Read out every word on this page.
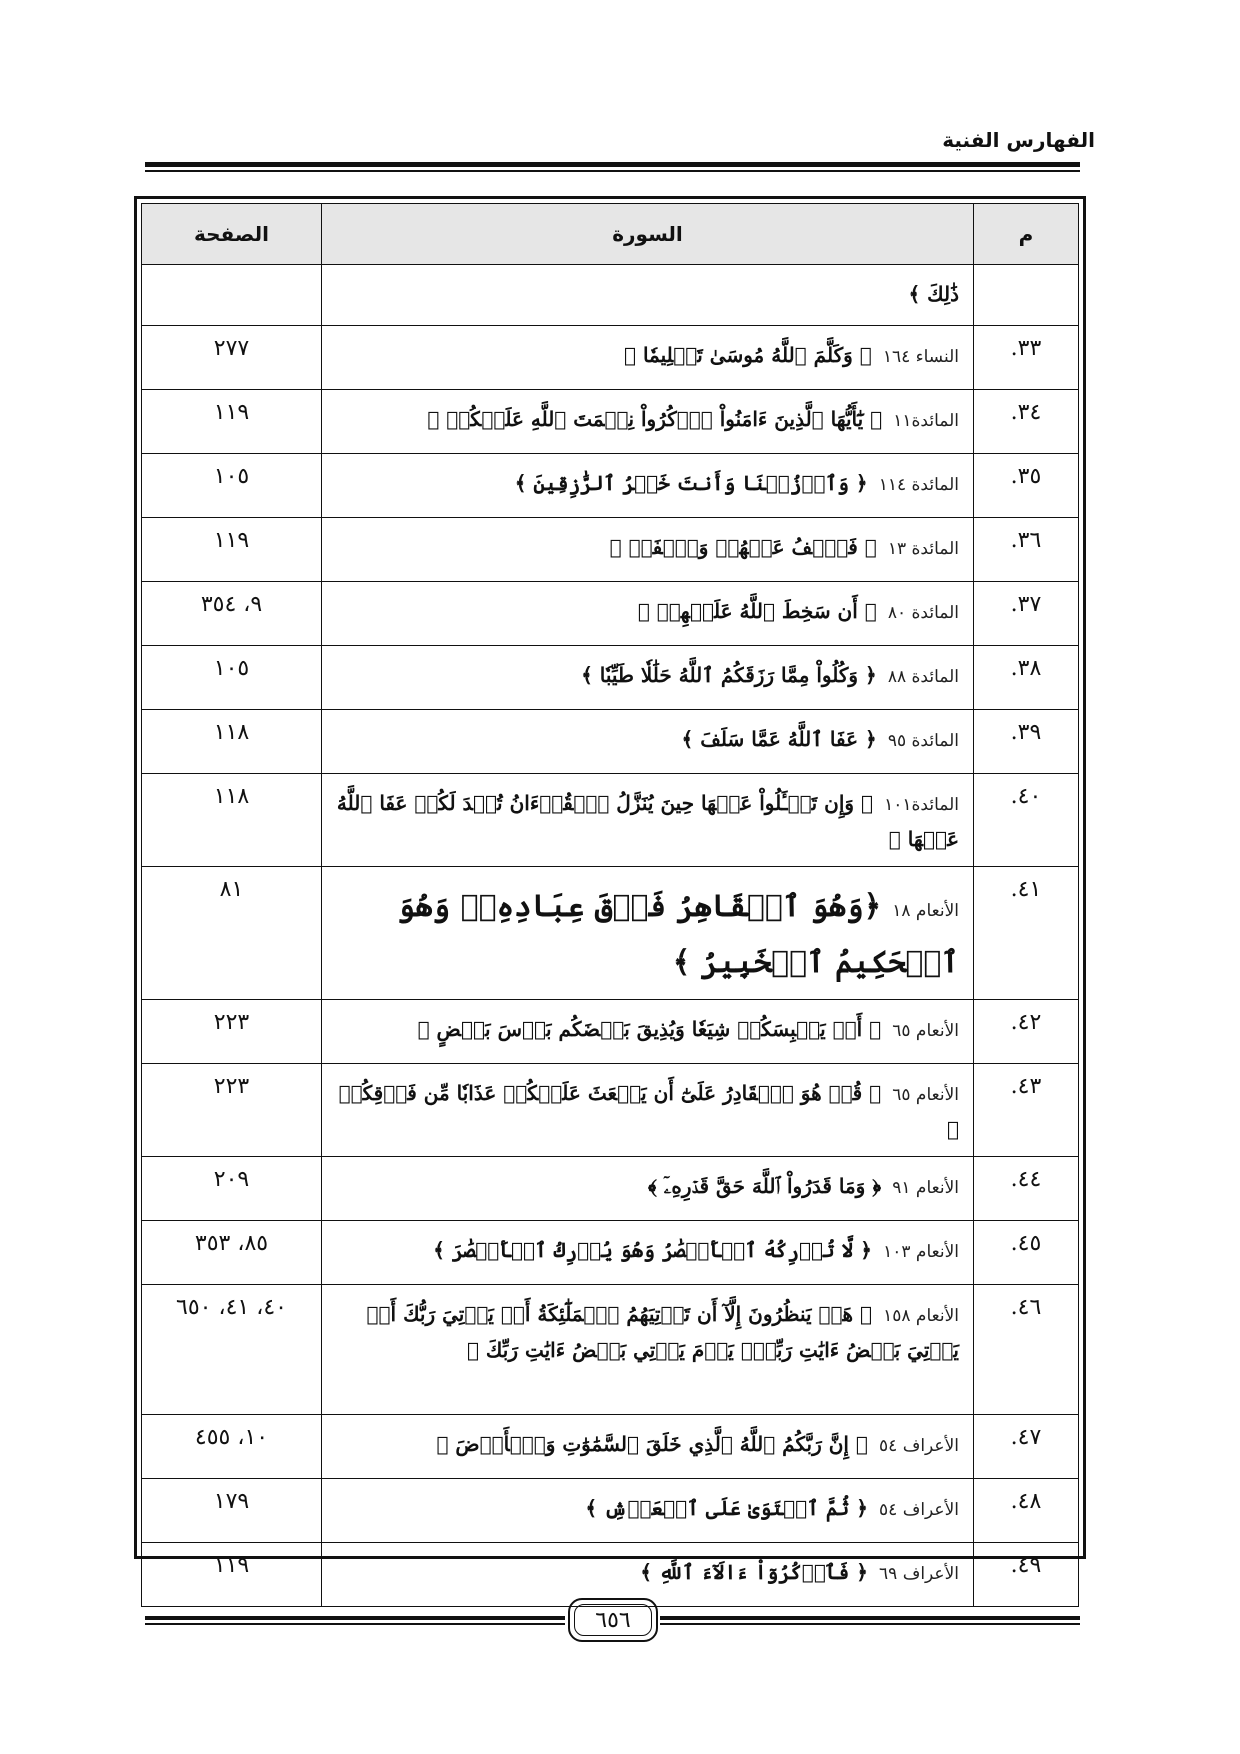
الفهارس الفنية
م	السورة	الصفحة
	ذَٰلِكَ ﴾	
٣٣.	النساء ١٦٤ ﴿ وَكَلَّمَ ٱللَّهُ مُوسَىٰ تَكۡلِيمٗا ﴾	٢٧٧
٣٤.	المائدة١١ ﴿ يَٰٓأَيُّهَا ٱلَّذِينَ ءَامَنُواْ ٱذۡكُرُواْ نِعۡمَتَ ٱللَّهِ عَلَيۡكُمۡ ﴾	١١٩
٣٥.	المائدة ١١٤ ﴿ وَٱرۡزُقۡنَا وَأَنتَ خَيۡرُ ٱلرَّٰزِقِينَ ﴾	١٠٥
٣٦.	المائدة ١٣ ﴿ فَٱعۡفُ عَنۡهُمۡ وَٱصۡفَحۡ ﴾	١١٩
٣٧.	المائدة ٨٠ ﴿ أَن سَخِطَ ٱللَّهُ عَلَيۡهِمۡ ﴾	٩، ٣٥٤
٣٨.	المائدة ٨٨ ﴿ وَكُلُواْ مِمَّا رَزَقَكُمُ ٱللَّهُ حَلَٰلٗا طَيِّبٗا ﴾	١٠٥
٣٩.	المائدة ٩٥ ﴿ عَفَا ٱللَّهُ عَمَّا سَلَفَ ﴾	١١٨
٤٠.	المائدة١٠١ ﴿ وَإِن تَسۡـَٔلُواْ عَنۡهَا حِينَ يُنَزَّلُ ٱلۡقُرۡءَانُ تُبۡدَ لَكُمۡ عَفَا ٱللَّهُ عَنۡهَا ﴾	١١٨
٤١.	الأنعام ١٨ ﴿وَهُوَ ٱلۡقَاهِرُ فَوۡقَ عِبَادِهِۦۚ وَهُوَ ٱلۡحَكِيمُ ٱلۡخَبِيرُ ﴾	٨١
٤٢.	الأنعام ٦٥ ﴿ أَوۡ يَلۡبِسَكُمۡ شِيَعٗا وَيُذِيقَ بَعۡضَكُم بَأۡسَ بَعۡضٍ ﴾	٢٢٣
٤٣.	الأنعام ٦٥ ﴿ قُلۡ هُوَ ٱلۡقَادِرُ عَلَىٰٓ أَن يَبۡعَثَ عَلَيۡكُمۡ عَذَابٗا مِّن فَوۡقِكُمۡ ﴾	٢٢٣
٤٤.	الأنعام ٩١ ﴿ وَمَا قَدَرُواْ ٱللَّهَ حَقَّ قَدۡرِهِۦٓ ﴾	٢٠٩
٤٥.	الأنعام ١٠٣ ﴿ لَّا تُدۡرِكُهُ ٱلۡأَبۡصَٰرُ وَهُوَ يُدۡرِكُ ٱلۡأَبۡصَٰرَ ﴾	٨٥، ٣٥٣
٤٦.	الأنعام ١٥٨ ﴿ هَلۡ يَنظُرُونَ إِلَّآ أَن تَأۡتِيَهُمُ ٱلۡمَلَٰٓئِكَةُ أَوۡ يَأۡتِيَ رَبُّكَ أَوۡ يَأۡتِيَ بَعۡضُ ءَايَٰتِ رَبِّكَۗ يَوۡمَ يَأۡتِي بَعۡضُ ءَايَٰتِ رَبِّكَ ﴾	٤٠، ٤١، ٦٥٠
٤٧.	الأعراف ٥٤ ﴿ إِنَّ رَبَّكُمُ ٱللَّهُ ٱلَّذِي خَلَقَ ٱلسَّمَٰوَٰتِ وَٱلۡأَرۡضَ ﴾	١٠، ٤٥٥
٤٨.	الأعراف ٥٤ ﴿ ثُمَّ ٱسۡتَوَىٰ عَلَى ٱلۡعَرۡشِ ﴾	١٧٩
٤٩.	الأعراف ٦٩ ﴿ فَٱذۡكُرُوٓاْ ءَالَآءَ ٱللَّهِ ﴾	١١٩
٦٥٦
